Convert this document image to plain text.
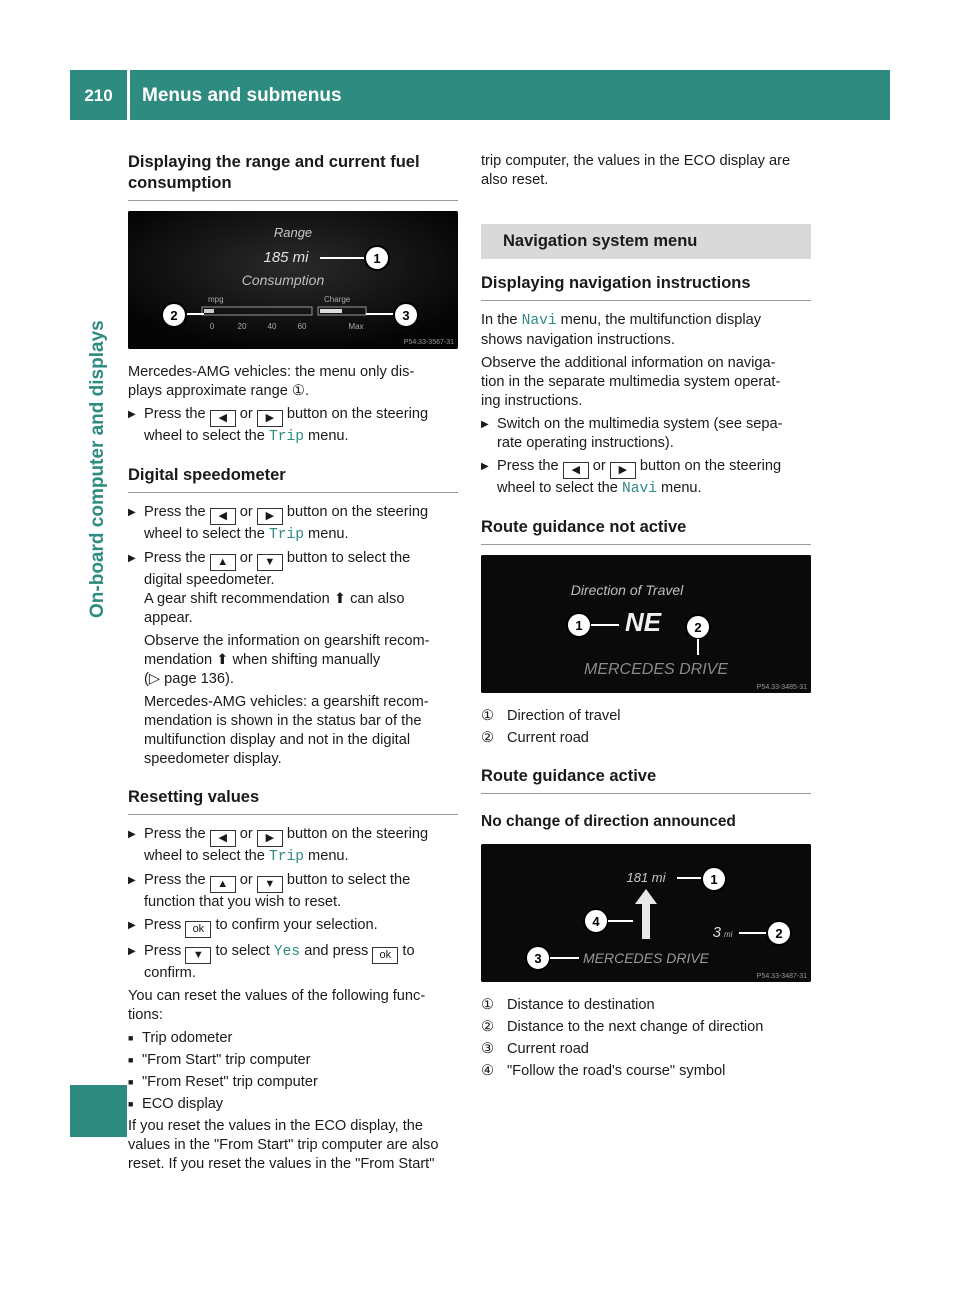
210	Menus and submenus
On-board computer and displays
Displaying the range and current fuel
consumption
Range
185 mi	1
Consumption
mpg	Charge
0	20	40	60	Max
2	3
P54.33-3567-31

Mercedes-AMG vehicles: the menu only dis-
plays approximate range ①.

▶ Press the ◀ or ▶ button on the steering
wheel to select the Trip menu.
Digital speedometer
▶ Press the ◀ or ▶ button on the steering
wheel to select the Trip menu.
▶ Press the ▲ or ▼ button to select the
digital speedometer.
A gear shift recommendation ⬆ can also
appear.
Observe the information on gearshift recom-
mendation ⬆ when shifting manually
(▷ page 136).
Mercedes-AMG vehicles: a gearshift recom-
mendation is shown in the status bar of the
multifunction display and not in the digital
speedometer display.
Resetting values
▶ Press the ◀ or ▶ button on the steering
wheel to select the Trip menu.
▶ Press the ▲ or ▼ button to select the
function that you wish to reset.
▶ Press ok to confirm your selection.
▶ Press ▼ to select Yes and press ok to
confirm.

You can reset the values of the following func-
tions:

■ Trip odometer
■ "From Start" trip computer
■ "From Reset" trip computer
■ ECO display

If you reset the values in the ECO display, the
values in the "From Start" trip computer are also
reset. If you reset the values in the "From Start"

trip computer, the values in the ECO display are
also reset.

Navigation system menu
Displaying navigation instructions

In the Navi menu, the multifunction display
shows navigation instructions.

Observe the additional information on naviga-
tion in the separate multimedia system operat-
ing instructions.

▶ Switch on the multimedia system (see sepa-
rate operating instructions).
▶ Press the ◀ or ▶ button on the steering
wheel to select the Navi menu.
Route guidance not active
Direction of Travel
NE
1	2
MERCEDES DRIVE
P54.33-3485-31
① Direction of travel
② Current road
Route guidance active
No change of direction announced
181 mi	1
4
3 mi	2
3	MERCEDES DRIVE
P54.33-3487-31
① Distance to destination
② Distance to the next change of direction
③ Current road
④ "Follow the road's course" symbol
